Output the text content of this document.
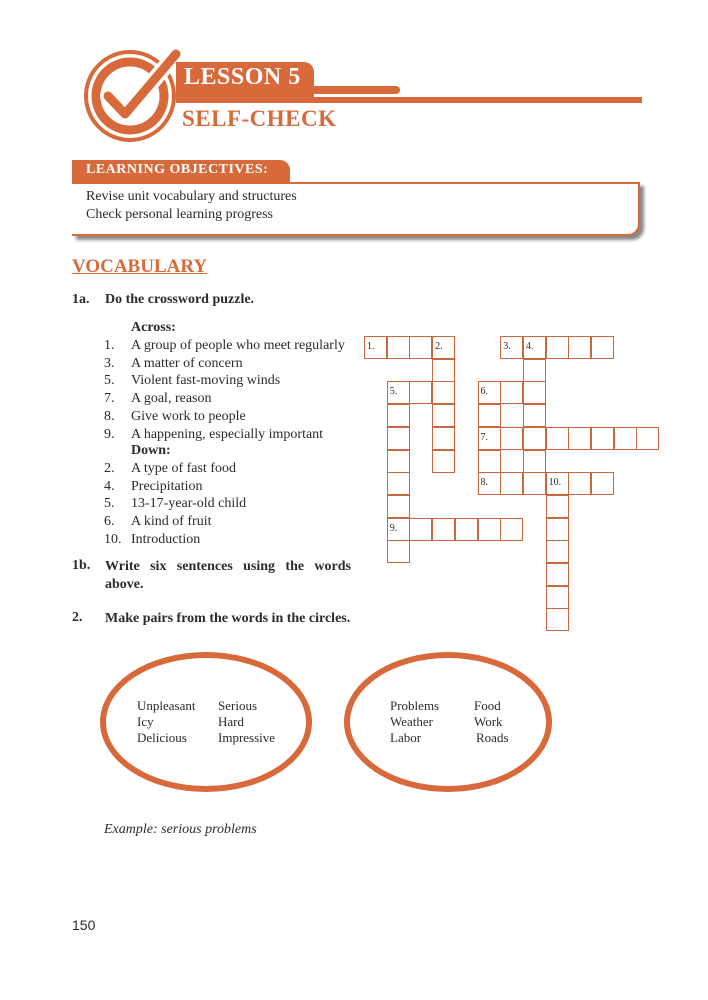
LESSON 5
SELF-CHECK
LEARNING OBJECTIVES:
Revise unit vocabulary and structures
Check personal learning progress
VOCABULARY
1a. Do the crossword puzzle.
Across:
1. A group of people who meet regularly
3. A matter of concern
5. Violent fast-moving winds
7. A goal, reason
8. Give work to people
9. A happening, especially important
Down:
2. A type of fast food
4. Precipitation
5. 13-17-year-old child
6. A kind of fruit
10. Introduction
1b. Write six sentences using the words above.
2. Make pairs from the words in the circles.
1.	2.	3. 4.
5.
9.
6.
7.
8.	10.
Unpleasant Serious
Icy	Hard
Delicious Impressive
Problems	Food
Weather	Work
Labor	Roads
Example: serious problems
150
